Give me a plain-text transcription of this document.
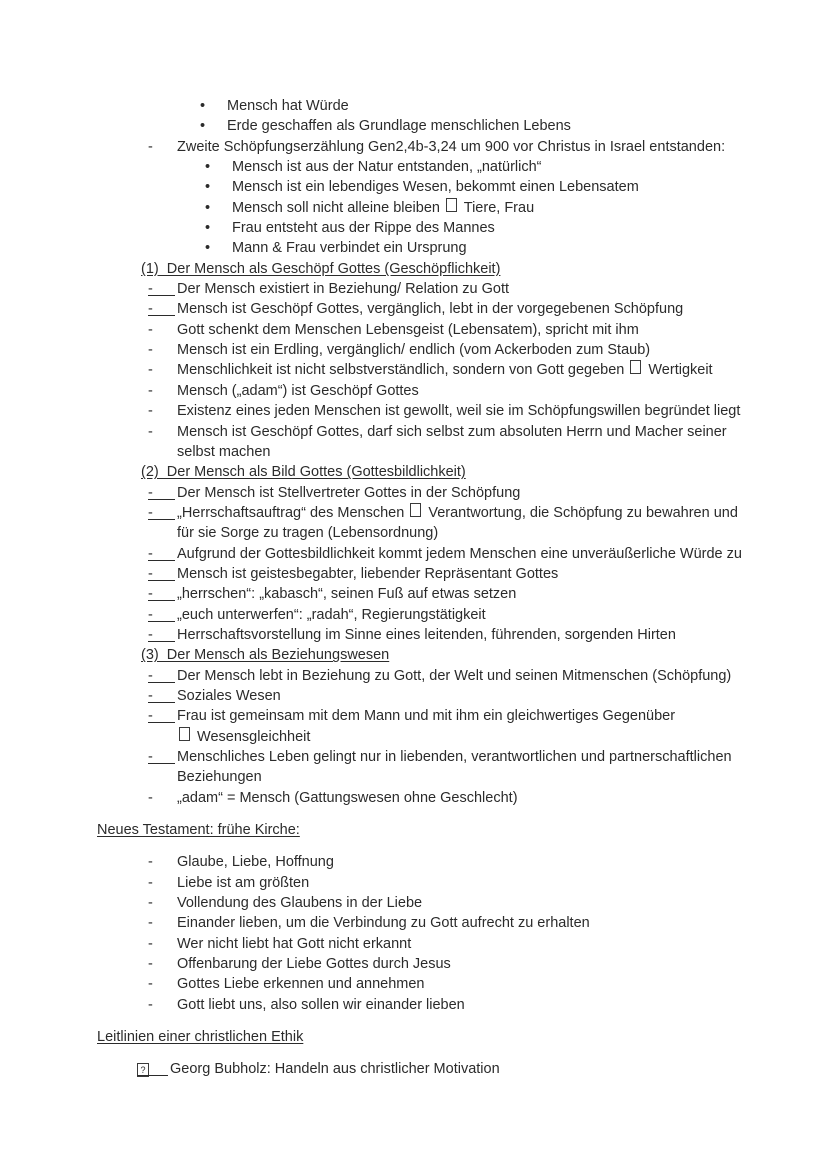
• Mensch hat Würde
• Erde geschaffen als Grundlage menschlichen Lebens
- Zweite Schöpfungserzählung Gen2,4b-3,24 um 900 vor Christus in Israel entstanden:
• Mensch ist aus der Natur entstanden, „natürlich“
• Mensch ist ein lebendiges Wesen, bekommt einen Lebensatem
• Mensch soll nicht alleine bleiben  Tiere, Frau
• Frau entsteht aus der Rippe des Mannes
• Mann & Frau verbindet ein Ursprung
(1)  Der Mensch als Geschöpf Gottes (Geschöpflichkeit)
- Der Mensch existiert in Beziehung/ Relation zu Gott
- Mensch ist Geschöpf Gottes, vergänglich, lebt in der vorgegebenen Schöpfung
- Gott schenkt dem Menschen Lebensgeist (Lebensatem), spricht mit ihm
- Mensch ist ein Erdling, vergänglich/ endlich (vom Ackerboden zum Staub)
- Menschlichkeit ist nicht selbstverständlich, sondern von Gott gegeben  Wertigkeit
- Mensch („adam“) ist Geschöpf Gottes
- Existenz eines jeden Menschen ist gewollt, weil sie im Schöpfungswillen begründet liegt
- Mensch ist Geschöpf Gottes, darf sich selbst zum absoluten Herrn und Macher seiner
selbst machen
(2)  Der Mensch als Bild Gottes (Gottesbildlichkeit)
- Der Mensch ist Stellvertreter Gottes in der Schöpfung
- „Herrschaftsauftrag“ des Menschen  Verantwortung, die Schöpfung zu bewahren und
für sie Sorge zu tragen (Lebensordnung)
- Aufgrund der Gottesbildlichkeit kommt jedem Menschen eine unveräußerliche Würde zu
- Mensch ist geistesbegabter, liebender Repräsentant Gottes
- „herrschen“: „kabasch“, seinen Fuß auf etwas setzen
- „euch unterwerfen“: „radah“, Regierungstätigkeit
- Herrschaftsvorstellung im Sinne eines leitenden, führenden, sorgenden Hirten
(3)  Der Mensch als Beziehungswesen
- Der Mensch lebt in Beziehung zu Gott, der Welt und seinen Mitmenschen (Schöpfung)
- Soziales Wesen
- Frau ist gemeinsam mit dem Mann und mit ihm ein gleichwertiges Gegenüber
Wesensgleichheit
- Menschliches Leben gelingt nur in liebenden, verantwortlichen und partnerschaftlichen
Beziehungen
- „adam“ = Mensch (Gattungswesen ohne Geschlecht)
Neues Testament: frühe Kirche:
- Glaube, Liebe, Hoffnung
- Liebe ist am größten
- Vollendung des Glaubens in der Liebe
- Einander lieben, um die Verbindung zu Gott aufrecht zu erhalten
- Wer nicht liebt hat Gott nicht erkannt
- Offenbarung der Liebe Gottes durch Jesus
- Gottes Liebe erkennen und annehmen
- Gott liebt uns, also sollen wir einander lieben
Leitlinien einer christlichen Ethik
? Georg Bubholz: Handeln aus christlicher Motivation
